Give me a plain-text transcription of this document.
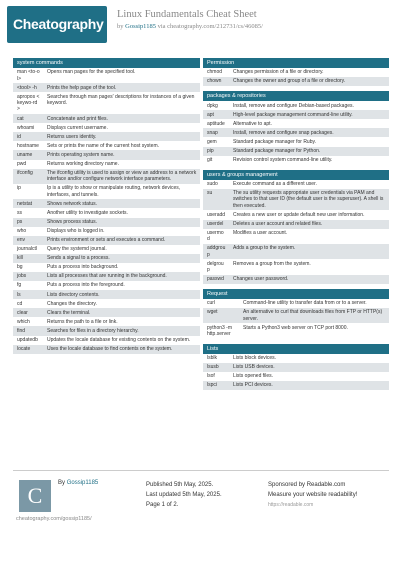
Cheatography
Linux Fundamentals Cheat Sheet
by Gossip1185 via cheatography.com/212731/cs/46085/
system commands
man <to-ol>	Opens man pages for the specified tool.
<tool> -h	Prints the help page of the tool.
apropos <keywo-rd>	Searches through man pages' descriptions for instances of a given keyword.
cat	Concatenate and print files.
whoami	Displays current username.
id	Returns users identity.
hostname	Sets or prints the name of the current host system.
uname	Prints operating system name.
pwd	Returns working directory name.
ifconfig	The ifconfig utility is used to assign or view an address to a network interface and/or configure network interface parameters.
ip	Ip is a utility to show or manipulate routing, network devices, interfaces, and tunnels.
netstat	Shows network status.
ss	Another utility to investigate sockets.
ps	Shows process status.
who	Displays who is logged in.
env	Prints environment or sets and executes a command.
journalctl	Query the systemd journal.
kill	Sends a signal to a process.
bg	Puts a process into background.
jobs	Lists all processes that are running in the background.
fg	Puts a process into the foreground.
ls	Lists directory contents.
cd	Changes the directory.
clear	Clears the terminal.
which	Returns the path to a file or link.
find	Searches for files in a directory hierarchy.
updatedb	Updates the locale database for existing contents on the system.
locate	Uses the locale database to find contents on the system.
Permission
chmod	Changes permission of a file or directory.
chown	Changes the owner and group of a file or directory.
packages & repositories
dpkg	Install, remove and configure Debian-based packages.
apt	High-level package management command-line utility.
aptitude	Alternative to apt.
snap	Install, remove and configure snap packages.
gem	Standard package manager for Ruby.
pip	Standard package manager for Python.
git	Revision control system command-line utility.
users & groups management
sudo	Execute command as a different user.
su	The su utility requests appropriate user credentials via PAM and switches to that user ID (the default user is the superuser). A shell is then executed.
useradd	Creates a new user or update default new user information.
userdel	Deletes a user account and related files.
usermod	Modifies a user account.
addgroup	Adds a group to the system.
delgroup	Removes a group from the system.
passwd	Changes user password.
Request
curl	Command-line utility to transfer data from or to a server.
wget	An alternative to curl that downloads files from FTP or HTTP(s) server.
python3 -m http.server	Starts a Python3 web server on TCP port 8000.
Lists
lsblk	Lists block devices.
lsusb	Lists USB devices.
lsof	Lists opened files.
lspci	Lists PCI devices.
C	By Gossip1185
cheatography.com/gossip1185/
Published 5th May, 2025.
Last updated 5th May, 2025.
Page 1 of 2.
Sponsored by Readable.com
Measure your website readability!
https://readable.com
